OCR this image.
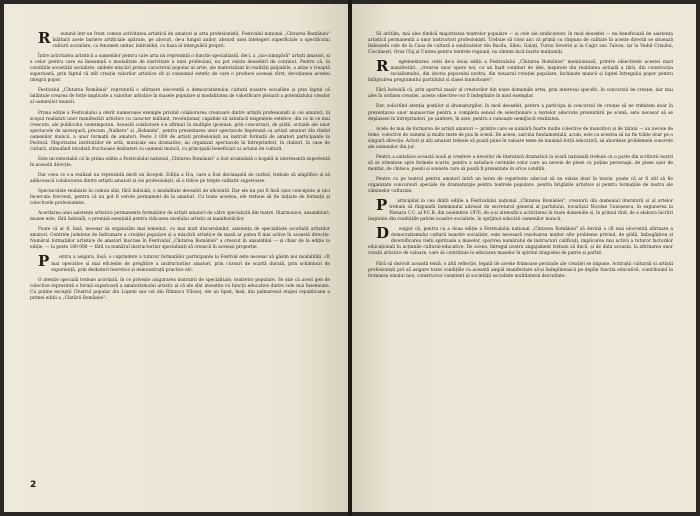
Reunind într-un front comun activitatea artistică de amatori și arta profesionistă, Festivalul național „Cîntarea României" înlătură acele bariere artificiale apărute, pe alocuri, de-a lungul anilor, absurd unei înțelegeri superficiale a specificului culturii socialiste, ca fenomen unitar, indivizibil, cu baza al interguării proprii.

Între activitatea artistică a oamenilor pentru care arta nu reprezintă o funcție specializată, deci, a „nu-cumnpără" artiști amatori, și a celor pentru care ea înseamnă o modalitate de exercitare a unei profesiuni, nu pot exista deosebiri de conținut. Pentru că, în condițiile societății socialiste, ambele mișcări preiau caracterul popular al artei, ale materializat în realități palpabile, a atins o treaptă superioară, prin faptul că atît creația valorilor artistice cît și consumul estetic de care o produce aceeași vîrst, devoțiunea acestei integrii popor.

Festivalul „Cîntarea României" reprezintă o afirmare elocventă a democratismului culturii noastre socialiste și prin faptul că înlănțuie crearea de forțe implicate a valorilor artistice în masele populare și modalitatea de valorificare plenară a potențialului creator al oamenilor muncii.

Prima ediție a Festivalului a oferit numeroase exemple privind colaborarea creatoare dintre artiștii profesioniști și cei amatori, în scopul realizării unor manifestări artistice cu caracter militant, revoluționar, capabile să satisfacă exigențele estetice, din ce în ce mai crescute, ale publicului contemporan. Această colaborare s-a afirmat în multiple ipostaze, prin concursuri, de pildă, actuale ale unor spectacole de anvergură, precum „Nalbera" și „Bobanda", pentru prezentarea unor spectacole împreună cu artiști amatori din rîndul oamenilor muncii, a unor formații de amatori. Peste 2 000 de artiști profesioniști au instruit formații de amatori participante la Festival. Majoritatea instituțiilor de artă, muzicale sau dramatice, au organizat spectacole în întreprinderi, în cluburi, în case de cultură, stimulând totodată fructuoase dezbateri cu oamenii muncii, cu principalii beneficiari ai actului de cultură.

Este incontestabil că în prima ediție a Festivalului național „Cîntarea României" a fost acumulată o bogată și interesantă experiență în această direcție.

Dar ceea ce s-a realizat nu reprezintă decît un început. Ediția a II-a, care a fost declanșată de curînd, trebuie să amplifice și să adîncească colaborarea dintre artiștii amatori și cei profesioniști, să o ridice pe trepte calitativ superioare.

Spectacolele realizate în comun sînt, fără îndoială, o modalitate deosebit de eficientă. Dar ele nu pot fi însă ușor concepute și nici încercate frecvent, pentru că nu pot fi cerute permanent de la amatori. Cu toate acestea, ele trebuie să fie inițiate de formații și colectivele profesioniste.

Acordarea unei asistențe artistice permanente formațiilor de artiști amatori de către specialiștii din teatre, filarmonice, ansambluri, muzee este, fără îndoială, o premisă esențială pentru ridicarea nivelului artistic al manifestărilor.

Poate că ar fi, însă, necesar să organizăm mai temeinic, cu mai mult discernămînt, asistența de specialitate acordată artiștilor amatori. Centrele județene de îndrumare a creației populare și a mișcării artistice de masă ar putea fi mai active în această direcție. Numărul formațiilor artistice de amatori înscrise în Festivalul „Cîntarea României" a crescut în ansamblul — și chiar de la ediție la ediție, — la peste 100 000 — fără ca numărul instructorilor specializați să crească în aceeași proporție.

Pentru a asigura, însă, o cuprindere a tuturor formațiilor participante la Festival este necesar să găsim noi modalități, cît mai operative și mai eficiente de pregătire a instructorilor amatori, prin cursuri de scurtă durată, prin schimburi de experiență, prin dezbateri teoretice și demonstrații practice etc.

O atenție specială trebuie acordată, în ce privește asigurarea instruirii de specialitate, teatrelor populare. Se știe că acest gen de colective reprezintă o formă superioară a amatorismului artistic și că ele sînt investite cu funcții educative dintre cele mai însemnate. Cu puține excepții (Teatrul popular din Lupeni sau cel din Rîmnicu Vîlcea), ele au lipsit, însă, din palmaresul etapei republicane a primei ediții a „Cîntării României".

2

Să arătăm, mai ales fiindcă majoritatea teatrelor populare — și cele ale sindicatelor, în mod deosebit — nu beneficiază de asistența artistică permanentă a unor instructori profesioniști. Trebuie să citez aici că primii cu răspuns de calitate în aceste direcții se situează îndeosebi cele de la Casa de cultură a sindicatelor din Bacău, Sibiu, Galați, Turnu Severin și la Cugir sau Tulcea, iar la Vadul Crișului, Ciocănești, Oraș Cluj și Unirea pentru teatrele regiunii, nu sîntem încă foarte mulțumiți.

Reglementarea celei de-a doua ediții a Festivalului „Cîntarea României" menționează, printre obiectivele acestei mari manifestări, „crearea unor opere noi, cu un înalt conținut de idei, inspirate din realitatea actuală a țării, din construcția socialismului, din istoria poporului nostru, din tezaurul creației populare, închinate muncii și luptei întregului popor pentru înfăptuirea programului partidului și clasei muncitoare".

Fără îndoială că, prin aportul masiv al creatorilor din toate domeniile artei, prin interesul specific, în concursul de creație, dar mai ales în ordinea creației, aceste obiective vor fi îndeplinite în mod exemplar.

Dar, solicitînd atenția poeților și dramaturgilor, în mod deosebit, pentru a participa la concursul de creație să ne trimitem doar în prezentarea unor manuscrise pentru a completa sensul de selecționare a textelor adecvate prezentării pe scenă, este necesar să se deplaseze în întreprinderi, pe șantiere, în sate, pentru a cunoaște nemijlocit realitatea.

Acele de mai de formarea de artiști amatori — printre care se numără foarte multe colective de muncitori și de țărani — au nevoie de teme, colective de oameni și multe texte de pus în scenă. De aceea, sarcina fundamentală, acum, este ca acestea să nu fie trăite doar pe o singură direcție. Actori și alți amatori trebuie să poată pune în valoare teme de maximă forță educativă, să abordeze problemele concrete ale oamenilor din jur.

Pentru a satisface această nouă și creștere a nevoilor de literatură dramatică la scară națională trebuie ca o parte din scriitorii noștri să se orienteze spre formele scurte, pentru a satisface cerințele celor care au nevoie de piese cu puține personaje, de piese ușor de montat, de cîntece, poezii și scenete care să poată fi prezentate în orice condiții.

Pentru ca pe teatrul pentru amatori intră un teren de repertoriu adecvat să nu existe doar în teorie, poate că ar fi util să fie organizate concursuri speciale de dramaturgie pentru teatrele populare, pentru brigăzile artistice și pentru formațiile de teatru ale căminelor culturale.

Participînd la cea dintîi ediție a Festivalului național „Cîntarea României", creatorii din domeniul literaturii și al artelor trebuie să răspundă îndemnului adresat de secretarul general al partidului, tovarășul Nicolae Ceaușescu, în expunerea la Plenara C.C. al P.C.R. din noiembrie 1976, de a-și intensifica activitatea în toate domeniile și, în primul rînd, de a elabora lucrări inspirate din realitățile patriei noastre socialiste, în sprijinul educării oamenilor muncii.

Desigur că, pentru ca a doua ediție a Festivalului național „Cîntarea României" să devină o cît mai elocventă afirmare a democratismului culturii noastre socialiste, este necesară rezolvarea multor alte probleme privind, de pildă, îmbogățirea și diversificarea vieții spirituale a maselor, sporirea numărului de instructori calificați, implicarea mai activă a tuturor factorilor educaționali în acțiunile cultural-educative. De aceea, întregul nostru angajament trebuie să ducă, și de data aceasta, la afirmarea unor creații artistice de valoare, care să contribuie la educarea maselor în spiritul dragostei de patrie și partid.

Fără să dezvolt această temă, o altă reflecție, legată de aceste frumoase perioade ale creației se impune. Activiștii culturali și artiștii profesioniști pot să asigure toate condițiile ca această amplă manifestare să-și îndeplinească pe deplin funcția educativă, contribuind la formarea omului nou, constructor conștient al societății socialiste multilateral dezvoltate.
